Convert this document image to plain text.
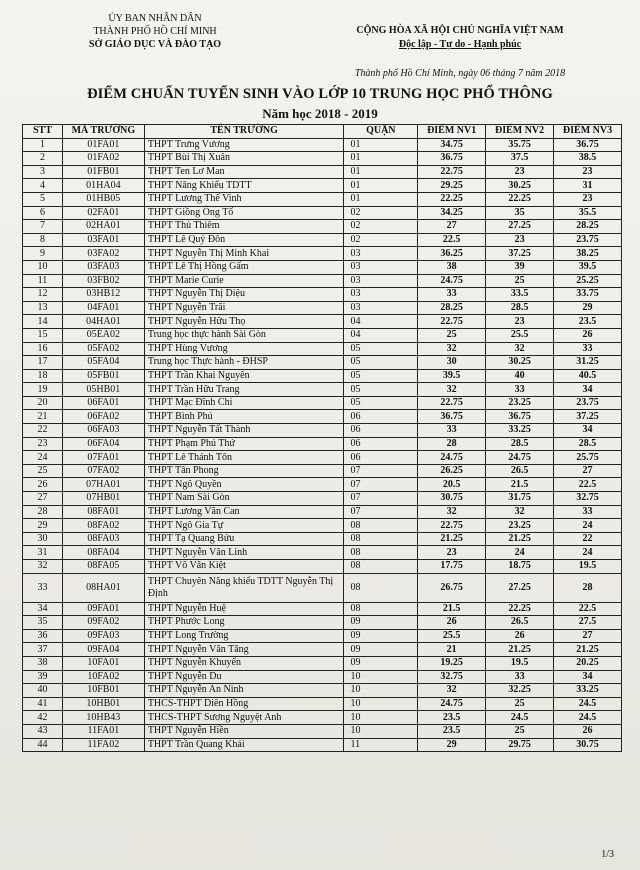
ỦY BAN NHÂN DÂN
THÀNH PHỐ HỒ CHÍ MINH
SỞ GIÁO DỤC VÀ ĐÀO TẠO
CỘNG HÒA XÃ HỘI CHỦ NGHĨA VIỆT NAM
Độc lập - Tự do - Hạnh phúc
Thành phố Hồ Chí Minh, ngày 06 tháng 7 năm 2018
ĐIỂM CHUẨN TUYỂN SINH VÀO LỚP 10 TRUNG HỌC PHỔ THÔNG
Năm học 2018 - 2019
STT	MÃ TRƯỜNG	TÊN TRƯỜNG	QUẬN	ĐIỂM NV1	ĐIỂM NV2	ĐIỂM NV3
1	01FA01	THPT Trưng Vương	01	34.75	35.75	36.75
2	01FA02	THPT Bùi Thị Xuân	01	36.75	37.5	38.5
3	01FB01	THPT Ten Lơ Man	01	22.75	23	23
4	01HA04	THPT Năng Khiếu TDTT	01	29.25	30.25	31
5	01HB05	THPT Lương Thế Vinh	01	22.25	22.25	23
6	02FA01	THPT Giồng Ông Tố	02	34.25	35	35.5
7	02HA01	THPT Thủ Thiêm	02	27	27.25	28.25
8	03FA01	THPT Lê Quý Đôn	02	22.5	23	23.75
9	03FA02	THPT Nguyễn Thị Minh Khai	03	36.25	37.25	38.25
10	03FA03	THPT Lê Thị Hồng Gấm	03	38	39	39.5
11	03FB02	THPT Marie Curie	03	24.75	25	25.25
12	03HB12	THPT Nguyễn Thị Diệu	03	33	33.5	33.75
13	04FA01	THPT Nguyễn Trãi	03	28.25	28.5	29
14	04HA01	THPT Nguyễn Hữu Thọ	04	22.75	23	23.5
15	05EA02	Trung học thực hành Sài Gòn	04	25	25.5	26
16	05FA02	THPT Hùng Vương	05	32	32	33
17	05FA04	Trung học Thực hành - ĐHSP	05	30	30.25	31.25
18	05FB01	THPT Trần Khai Nguyên	05	39.5	40	40.5
19	05HB01	THPT Trần Hữu Trang	05	32	33	34
20	06FA01	THPT Mạc Đĩnh Chi	05	22.75	23.25	23.75
21	06FA02	THPT Bình Phú	06	36.75	36.75	37.25
22	06FA03	THPT Nguyễn Tất Thành	06	33	33.25	34
23	06FA04	THPT Phạm Phú Thứ	06	28	28.5	28.5
24	07FA01	THPT Lê Thánh Tôn	06	24.75	24.75	25.75
25	07FA02	THPT Tân Phong	07	26.25	26.5	27
26	07HA01	THPT Ngô Quyền	07	20.5	21.5	22.5
27	07HB01	THPT Nam Sài Gòn	07	30.75	31.75	32.75
28	08FA01	THPT Lương Văn Can	07	32	32	33
29	08FA02	THPT Ngô Gia Tự	08	22.75	23.25	24
30	08FA03	THPT Tạ Quang Bửu	08	21.25	21.25	22
31	08FA04	THPT Nguyễn Văn Linh	08	23	24	24
32	08FA05	THPT Võ Văn Kiệt	08	17.75	18.75	19.5
33	08HA01	THPT Chuyên Năng khiếu TDTT Nguyễn Thị Định	08	26.75	27.25	28
34	09FA01	THPT Nguyễn Huệ	08	21.5	22.25	22.5
35	09FA02	THPT Phước Long	09	26	26.5	27.5
36	09FA03	THPT Long Trường	09	25.5	26	27
37	09FA04	THPT Nguyễn Văn Tăng	09	21	21.25	21.25
38	10FA01	THPT Nguyễn Khuyến	09	19.25	19.5	20.25
39	10FA02	THPT Nguyễn Du	10	32.75	33	34
40	10FB01	THPT Nguyễn An Ninh	10	32	32.25	33.25
41	10HB01	THCS-THPT Diên Hồng	10	24.75	25	24.5
42	10HB43	THCS-THPT Sương Nguyệt Anh	10	23.5	24.5	24.5
43	11FA01	THPT Nguyễn Hiền	10	23.5	25	26
44	11FA02	THPT Trần Quang Khải	11	29	29.75	30.75
1/3
